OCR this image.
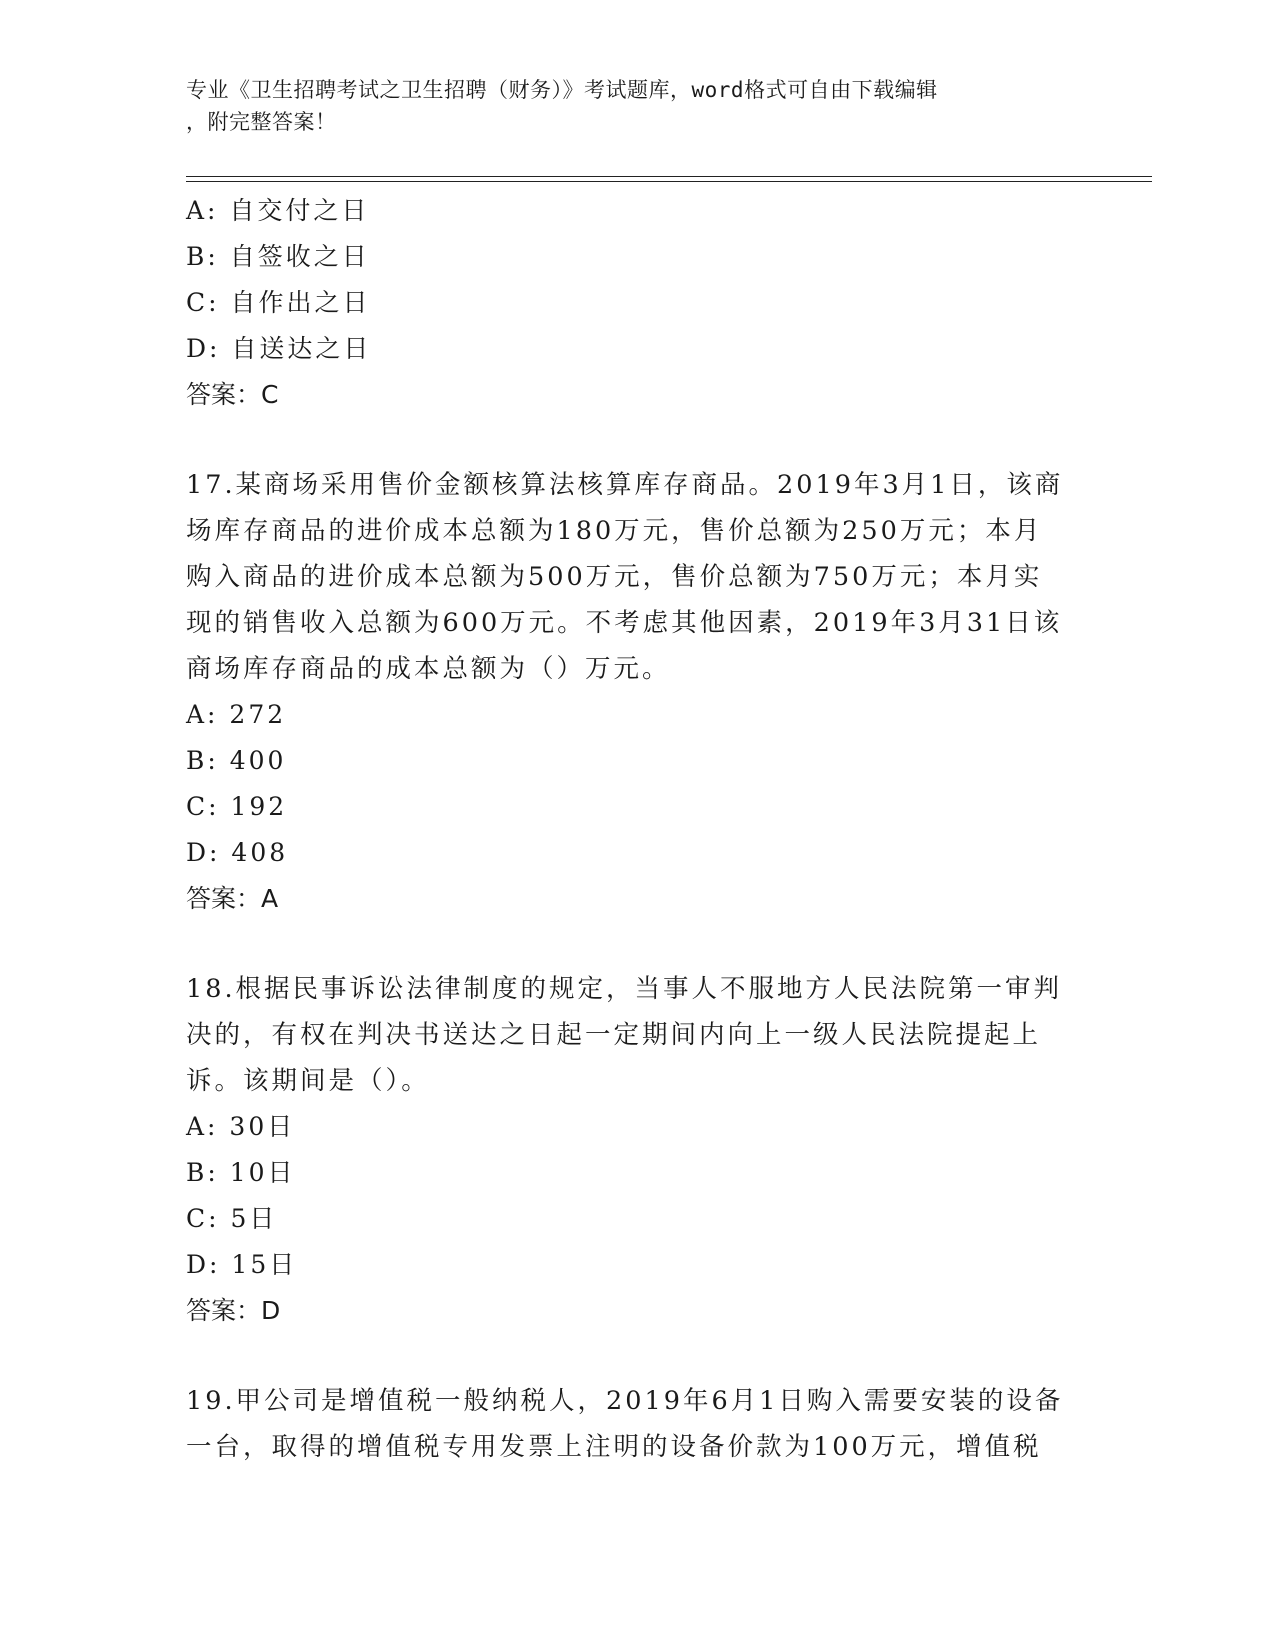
专业《卫生招聘考试之卫生招聘（财务）》考试题库，word格式可自由下载编辑
，附完整答案！
A: 自交付之日
B: 自签收之日
C: 自作出之日
D: 自送达之日
答案：C
17.某商场采用售价金额核算法核算库存商品。2019年3月1日，该商
场库存商品的进价成本总额为180万元，售价总额为250万元；本月
购入商品的进价成本总额为500万元，售价总额为750万元；本月实
现的销售收入总额为600万元。不考虑其他因素，2019年3月31日该
商场库存商品的成本总额为（）万元。
A: 272
B: 400
C: 192
D: 408
答案：A
18.根据民事诉讼法律制度的规定，当事人不服地方人民法院第一审判
决的，有权在判决书送达之日起一定期间内向上一级人民法院提起上
诉。该期间是（）。
A: 30日
B: 10日
C: 5日
D: 15日
答案：D
19.甲公司是增值税一般纳税人，2019年6月1日购入需要安装的设备
一台，取得的增值税专用发票上注明的设备价款为100万元，增值税
